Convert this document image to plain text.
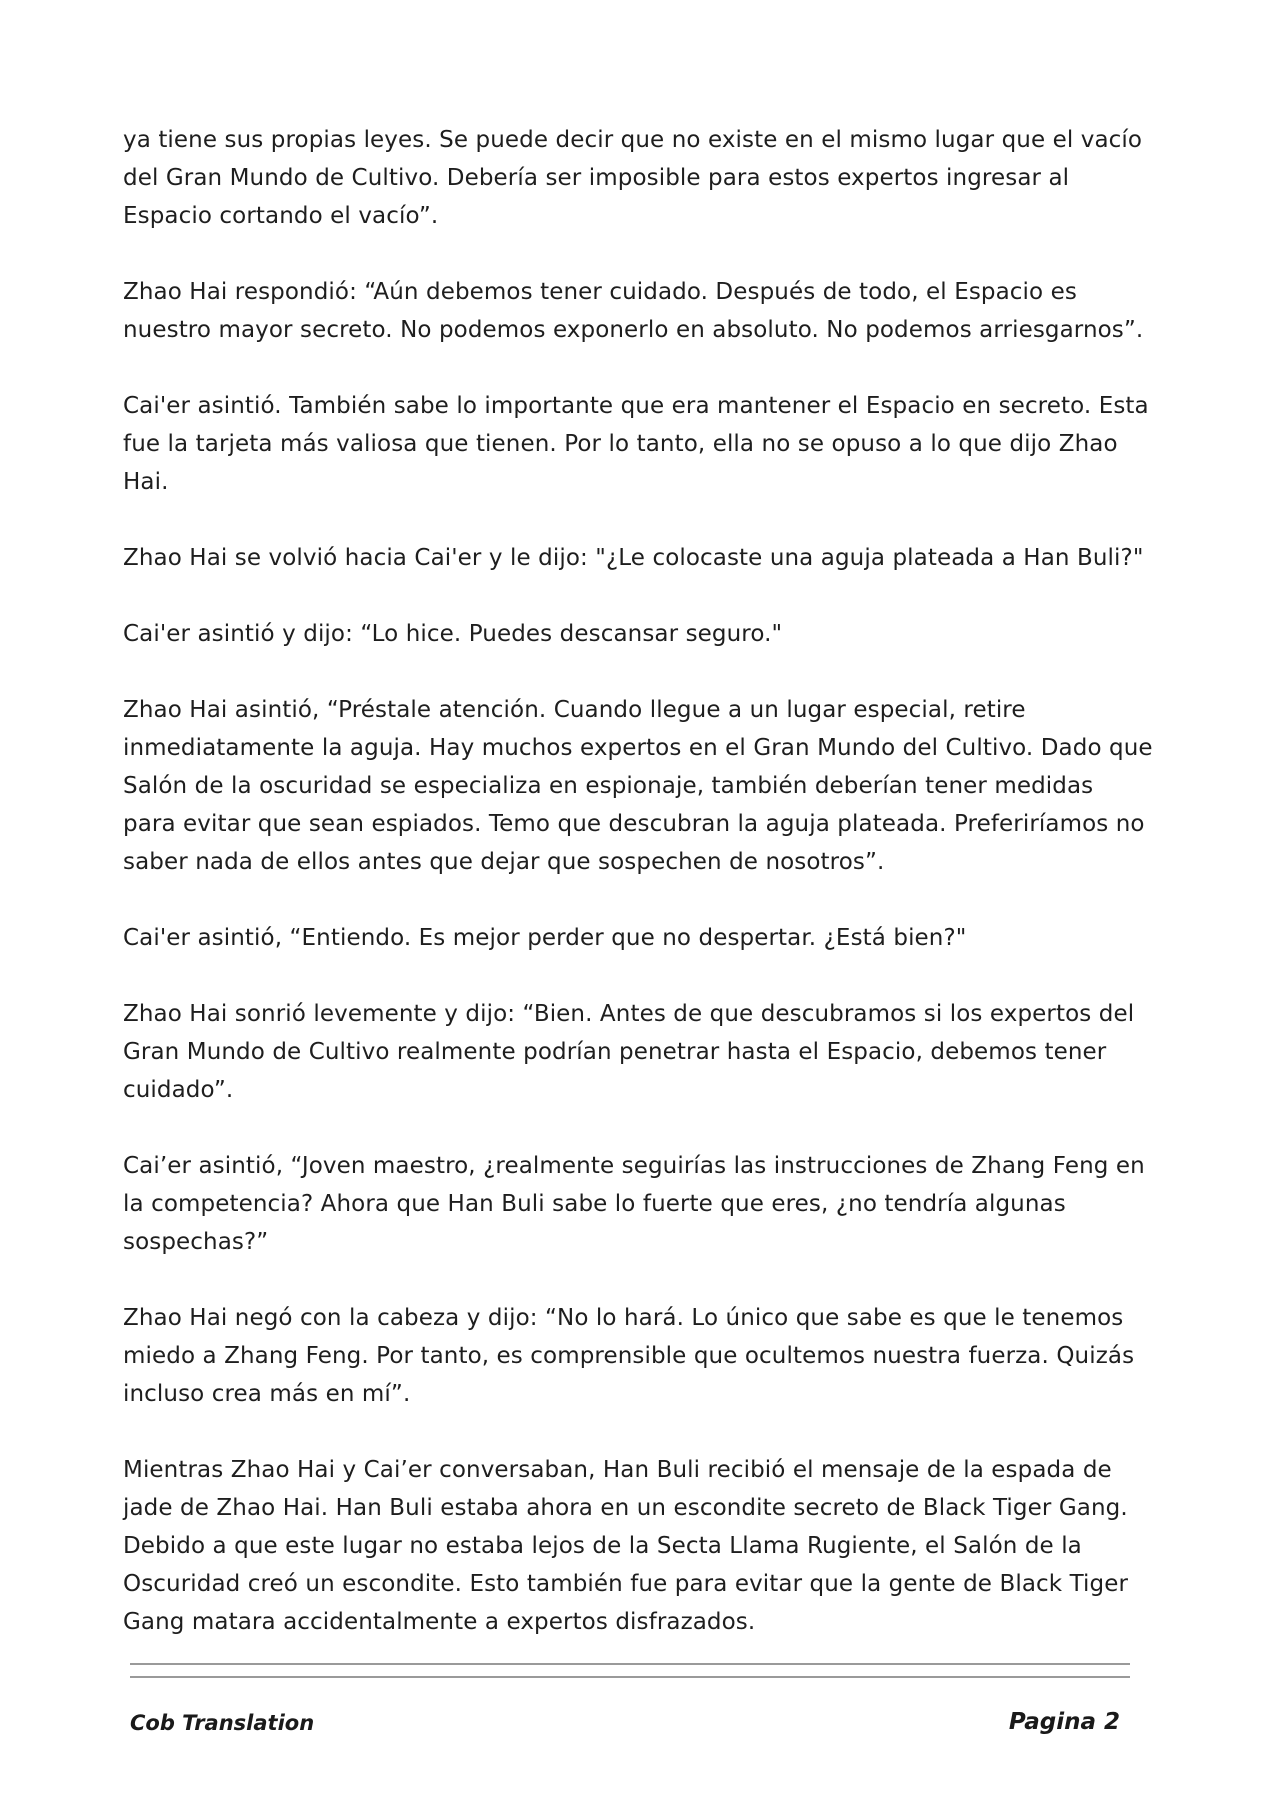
ya tiene sus propias leyes. Se puede decir que no existe en el mismo lugar que el vacío del Gran Mundo de Cultivo. Debería ser imposible para estos expertos ingresar al Espacio cortando el vacío”.

Zhao Hai respondió: “Aún debemos tener cuidado. Después de todo, el Espacio es nuestro mayor secreto. No podemos exponerlo en absoluto. No podemos arriesgarnos”.

Cai'er asintió. También sabe lo importante que era mantener el Espacio en secreto. Esta fue la tarjeta más valiosa que tienen. Por lo tanto, ella no se opuso a lo que dijo Zhao Hai.

Zhao Hai se volvió hacia Cai'er y le dijo: "¿Le colocaste una aguja plateada a Han Buli?"

Cai'er asintió y dijo: “Lo hice. Puedes descansar seguro."

Zhao Hai asintió, “Préstale atención. Cuando llegue a un lugar especial, retire inmediatamente la aguja. Hay muchos expertos en el Gran Mundo del Cultivo. Dado que Salón de la oscuridad se especializa en espionaje, también deberían tener medidas para evitar que sean espiados. Temo que descubran la aguja plateada. Preferiríamos no saber nada de ellos antes que dejar que sospechen de nosotros”.

Cai'er asintió, “Entiendo. Es mejor perder que no despertar. ¿Está bien?"

Zhao Hai sonrió levemente y dijo: “Bien. Antes de que descubramos si los expertos del Gran Mundo de Cultivo realmente podrían penetrar hasta el Espacio, debemos tener cuidado”.

Cai’er asintió, “Joven maestro, ¿realmente seguirías las instrucciones de Zhang Feng en la competencia? Ahora que Han Buli sabe lo fuerte que eres, ¿no tendría algunas sospechas?”

Zhao Hai negó con la cabeza y dijo: “No lo hará. Lo único que sabe es que le tenemos miedo a Zhang Feng. Por tanto, es comprensible que ocultemos nuestra fuerza. Quizás incluso crea más en mí”.

Mientras Zhao Hai y Cai’er conversaban, Han Buli recibió el mensaje de la espada de jade de Zhao Hai. Han Buli estaba ahora en un escondite secreto de Black Tiger Gang. Debido a que este lugar no estaba lejos de la Secta Llama Rugiente, el Salón de la Oscuridad creó un escondite. Esto también fue para evitar que la gente de Black Tiger Gang matara accidentalmente a expertos disfrazados.

Cob Translation	Pagina 2
